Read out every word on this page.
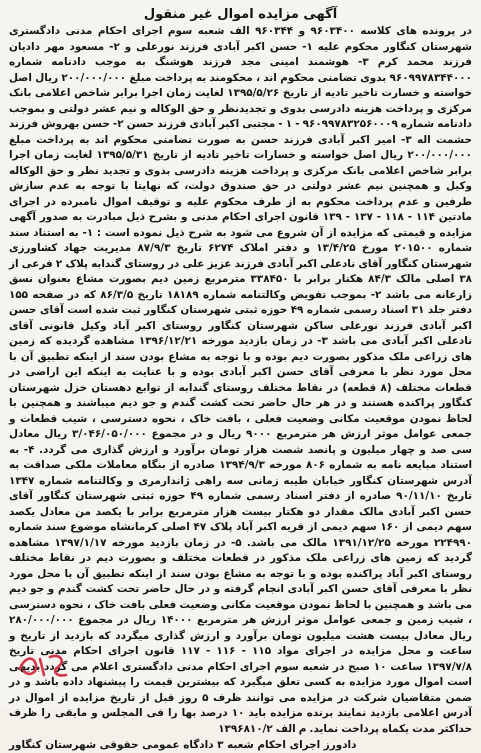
آگهی مزایده اموال غیر منقول
در پرونده های کلاسه ۹۶۰۳۴۰۰ و ۹۶۰۳۴۴ الف شعبه سوم اجرای احکام مدنی دادگستری شهرستان کنگاور محکوم علیه ۱- حسن اکبر آبادی فرزند نورعلی و ۲- مسعود مهر دادیان فرزند محمد کرم ۳- هوشمند امینی مجد فرزند هوشنگ به موجب دادنامه شماره ۹۶۰۹۹۷۸۳۴۴۰۰۰ بدوی تضامنی محکوم اند ، محکومند به پرداخت مبلغ ۲۰۰/۰۰۰/۰۰۰ ریال اصل خواسته و خسارت تاخیر تادیه از تاریخ ۱۳۹۵/۵/۲۶ لغایت زمان اجرا برابر شاخص اعلامی بانک مرکزی و پرداخت هزینه دادرسی بدوی و تجدیدنظر و حق الوکاله و نیم عشر دولتی و بموجب دادنامه شماره ۹۶۰۹۹۷۸۳۲۵۶۰۰۰۹ - ۱ - مجتبی اکبر آبادی فرزند حسن ۲- حسن بهروش فرزند حشمت اله ۳- امیر اکبر آبادی فرزند حسن به صورت تضامنی محکوم اند به پرداخت مبلغ ۲۰۰/۰۰۰/۰۰۰ ریال اصل خواسته و خسارات تاخیر تادیه از تاریخ ۱۳۹۵/۵/۳۱ لغایت زمان اجرا برابر شاخص اعلامی بانک مرکزی و پرداخت هزینه دادرسی بدوی و تجدید نظر و حق الوکاله وکیل و همچنین نیم عشر دولتی در حق صندوق دولت، که نهایتا با توجه به عدم سازش طرفین و عدم پرداخت محکوم به از طرف محکوم علیه و توقیف اموال نامبرده در اجرای مادتین ۱۱۴ - ۱۱۸ - ۱۳۷ - ۱۳۹ قانون اجرای احکام مدنی و بشرح ذیل مبادرت به صدور آگهی مزایده و قیمتی که مزایده از آن شروع می شود به شرح ذیل نموده است : ۱- به استناد سند شماره ۲۰۱۵۰۰ مورخ ۱۳/۴/۲۵ و دفتر املاک ۶۲۷۴ تاریخ ۸۷/۹/۳ مدیریت جهاد کشاورزی شهرستان کنگاور آقای نادعلی اکبر آبادی فرزند عزیز علی در روستای گندابه پلاک ۲ فرعی از ۳۸ اصلی مالک ۸۴/۳ هکتار برابر با ۳۳۸۴۵۰ مترمربع زمین دیم بصورت مشاع بعنوان نسق زارعانه می باشد ۲- بموجب تفویض وکالتنامه شماره ۱۸۱۸۹ تاریخ ۸۶/۳/۵ که در صفحه ۱۵۵ دفتر جلد ۳۱ اسناد رسمی شماره ۴۹ حوزه ثبتی شهرستان کنگاور ثبت شده است آقای حسن اکبر آبادی فرزند نورعلی ساکن شهرستان کنگاور روستای اکبر آباد وکیل قانونی آقای نادعلی اکبر آبادی می باشد ۳- در زمان بازدید مورخه ۱۳۹۶/۱۲/۲۱ مشاهده گردیده که زمین های زراعی ملک مذکور بصورت دیم بوده و با توجه به مشاع بودن سند از اینکه تطبیق آن با محل مورد نظر با معرفی آقای حسن اکبر آبادی بوده و با عنایت به اینکه این اراضی در قطعات مختلف (۸ قطعه) در نقاط مختلف روستای گندابه از توابع دهستان خزل شهرستان کنگاور پراکنده هستند و در هر حال حاضر تحت کشت گندم و جو دیم میباشند و همچنین با لحاظ نمودن موقعیت مکانی وضعیت فعلی ، بافت خاک ، نحوه دسترسی ، شیب قطعات و جمعی عوامل موثر ارزش هر مترمربع ۹۰۰۰ ریال و در مجموع ۳/۰۴۶/۰۵۰/۰۰۰ ریال معادل سی صد و چهار میلیون و پانصد شصت هزار تومان برآورد و ارزش گذاری می گردد. ۴- به استناد مبایعه نامه به شماره ۸۰۶ مورخه ۱۳۹۴/۹/۳ صادره از بنگاه معاملات ملکی صداقت به آدرس شهرستان کنگاور خیابان طیبه زمانی سه راهی ژاندارمری و وکالتنامه شماره ۱۳۴۷ تاریخ ۹۰/۱۱/۱۰ صادره از دفتر اسناد رسمی شماره ۴۹ حوزه ثبتی شهرستان کنگاور آقای حسن اکبر آبادی مالک مقدار دو هکتار بیست هزار مترمربع برابر با یکصد من معادل یکصد سهم دیمی از ۱۶۰ سهم دیمی از قریه اکبر آباد پلاک ۴۷ اصلی کرمانشاه موضوع سند شماره ۲۲۴۹۹۰ مورخه ۱۳۹۱/۱۲/۲۵ مالک می باشد. ۵- در زمان بازدید مورخه ۱۳۹۷/۱/۱۷ مشاهده گردید که زمین های زراعی ملک مذکور در قطعات مختلف و بصورت دیم در نقاط مختلف روستای اکبر آباد پراکنده بوده و با توجه به مشاع بودن سند از اینکه تطبیق آن با محل مورد نظر با معرفی آقای حسن اکبر آبادی انجام گرفته و در حال حاضر تحت کشت گندم و جو دیم می باشد و همچنین با لحاظ نمودن موقعیت مکانی وضعیت فعلی بافت خاک ، نحوه دسترسی ، شیب زمین و جمعی عوامل موثر ارزش هر مترمربع ۱۴۰۰۰ ریال در مجموع ۲۸۰/۰۰۰/۰۰۰ ریال معادل بیست هشت میلیون تومان برآورد و ارزش گذاری میگردد که بازدید از تاریخ و ساعت و محل مزایده در اجرای مواد ۱۱۵ - ۱۱۶ - ۱۱۷ قانون اجرای احکام مدنی تاریخ ۱۳۹۷/۷/۸ ساعت ۱۰ صبح در شعبه سوم اجرای احکام مدنی دادگستری اعلام می گردد بدیهی است اموال مورد مزایده به کسی تعلق میگیرد که بیشترین قیمت را پیشنهاد داده باشد و در ضمن متقاضیان شرکت در مزایده می توانند ظرف ۵ روز قبل از تاریخ مزایده از اموال در آدرس اعلامی بازدید نمایند برنده مزایده باید ۱۰ درصد بها را فی المجلس و مابقی را ظرف حداکثر مدت یکماه پرداخت نماید. م الف ۱۳۹۶۸۱۰/۲
دادورز اجرای احکام شعبه ۳ دادگاه عمومی حقوقی شهرستان کنگاور
